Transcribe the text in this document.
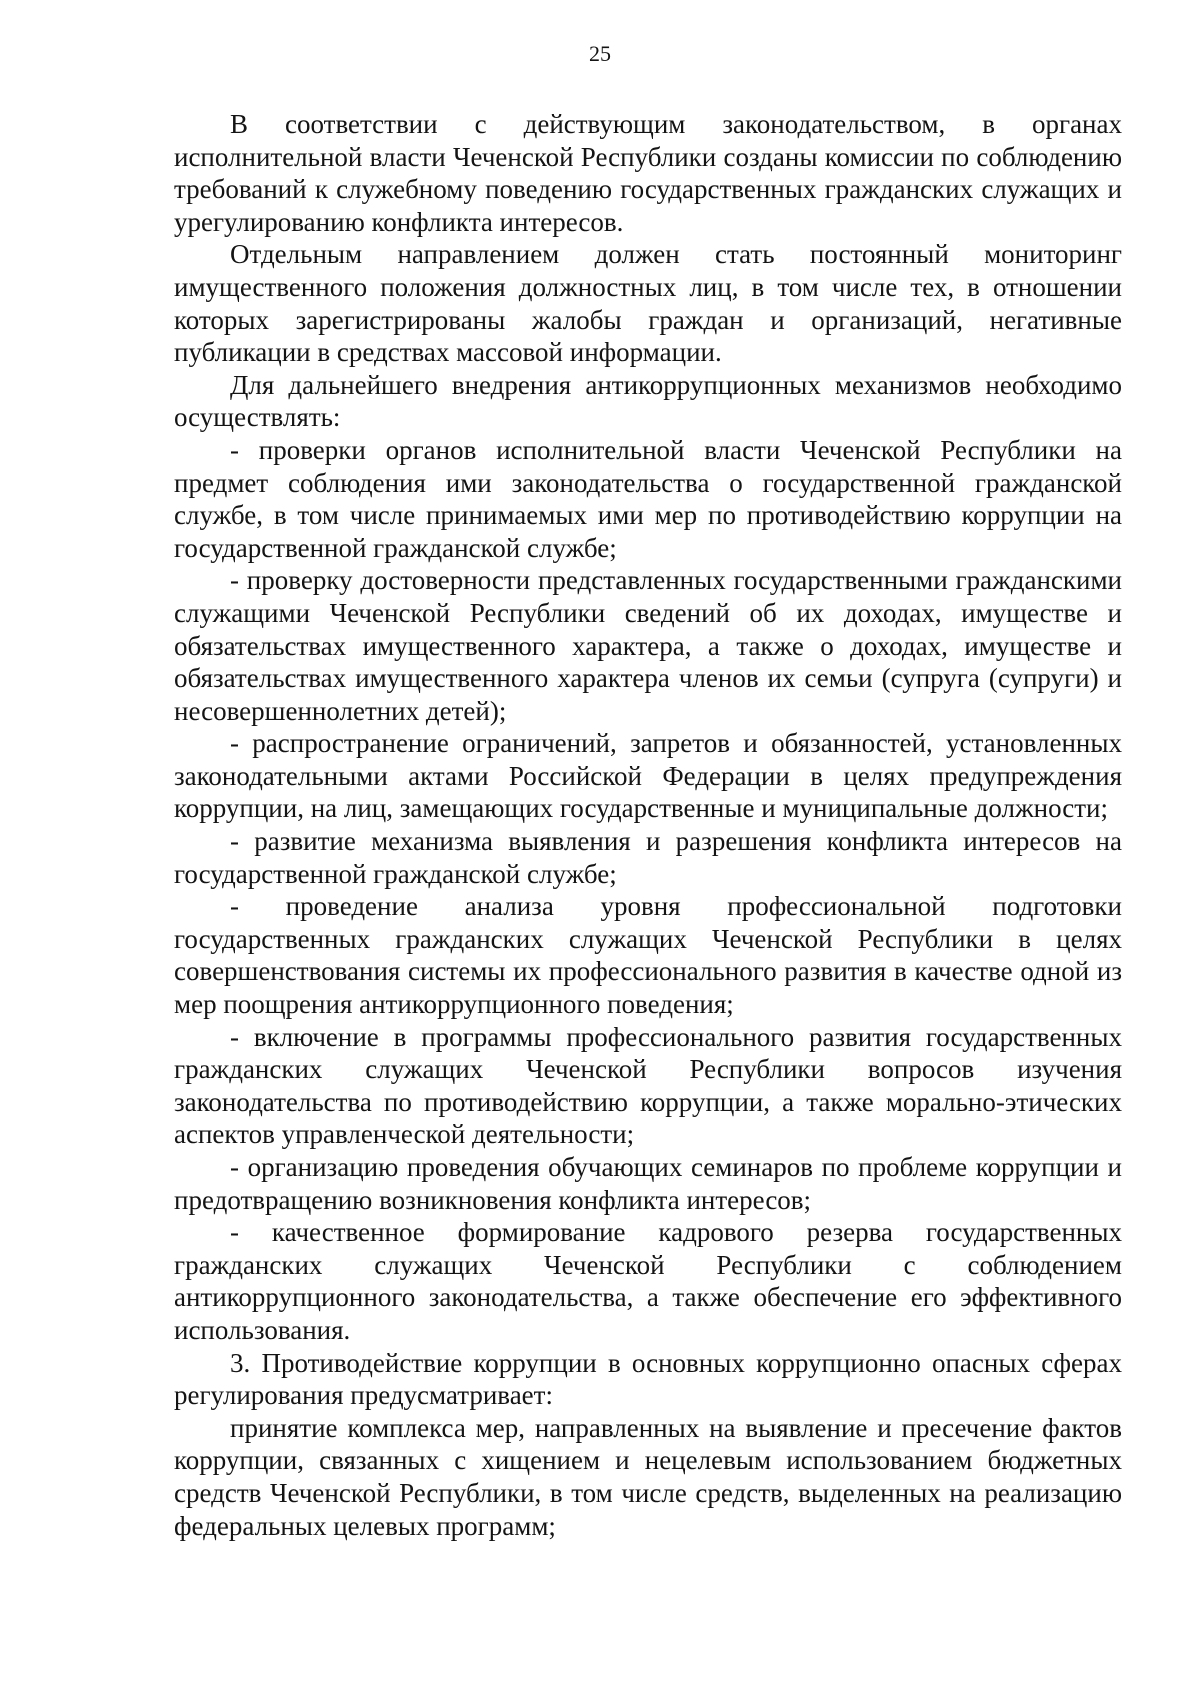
25

В соответствии с действующим законодательством, в органах исполнительной власти Чеченской Республики созданы комиссии по соблюдению требований к служебному поведению государственных гражданских служащих и урегулированию конфликта интересов.

Отдельным направлением должен стать постоянный мониторинг имущественного положения должностных лиц, в том числе тех, в отношении которых зарегистрированы жалобы граждан и организаций, негативные публикации в средствах массовой информации.

Для дальнейшего внедрения антикоррупционных механизмов необходимо осуществлять:

- проверки органов исполнительной власти Чеченской Республики на предмет соблюдения ими законодательства о государственной гражданской службе, в том числе принимаемых ими мер по противодействию коррупции на государственной гражданской службе;

- проверку достоверности представленных государственными гражданскими служащими Чеченской Республики сведений об их доходах, имуществе и обязательствах имущественного характера, а также о доходах, имуществе и обязательствах имущественного характера членов их семьи (супруга (супруги) и несовершеннолетних детей);

- распространение ограничений, запретов и обязанностей, установленных законодательными актами Российской Федерации в целях предупреждения коррупции, на лиц, замещающих государственные и муниципальные должности;

- развитие механизма выявления и разрешения конфликта интересов на государственной гражданской службе;

- проведение анализа уровня профессиональной подготовки государственных гражданских служащих Чеченской Республики в целях совершенствования системы их профессионального развития в качестве одной из мер поощрения антикоррупционного поведения;

- включение в программы профессионального развития государственных гражданских служащих Чеченской Республики вопросов изучения законодательства по противодействию коррупции, а также морально-этических аспектов управленческой деятельности;

- организацию проведения обучающих семинаров по проблеме коррупции и предотвращению возникновения конфликта интересов;

- качественное формирование кадрового резерва государственных гражданских служащих Чеченской Республики с соблюдением антикоррупционного законодательства, а также обеспечение его эффективного использования.

3. Противодействие коррупции в основных коррупционно опасных сферах регулирования предусматривает:

принятие комплекса мер, направленных на выявление и пресечение фактов коррупции, связанных с хищением и нецелевым использованием бюджетных средств Чеченской Республики, в том числе средств, выделенных на реализацию федеральных целевых программ;
